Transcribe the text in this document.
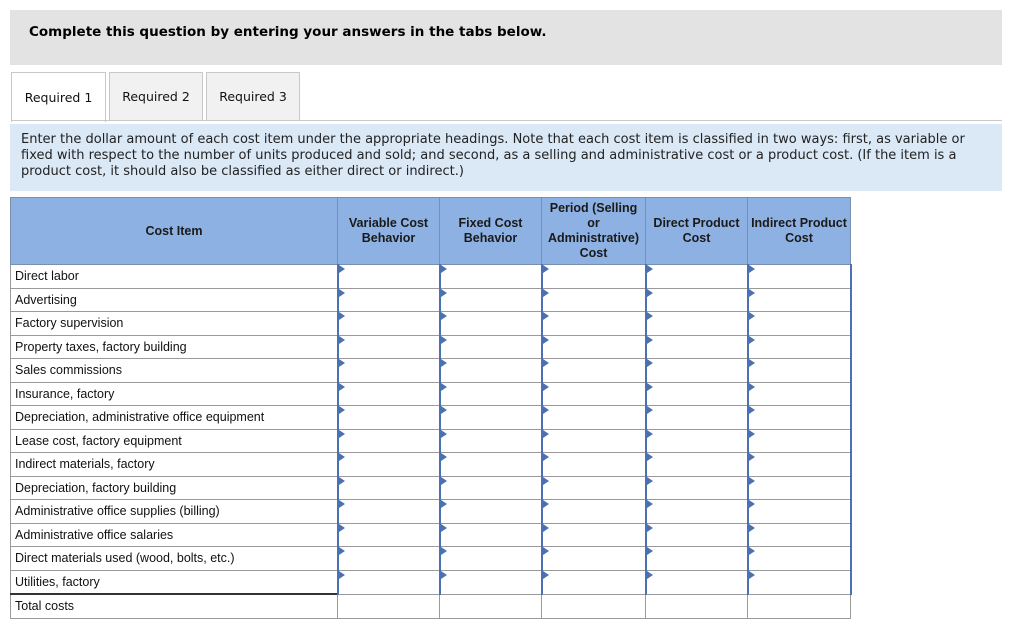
Complete this question by entering your answers in the tabs below.
Required 1	Required 2	Required 3
Enter the dollar amount of each cost item under the appropriate headings. Note that each cost item is classified in two ways: first, as variable or fixed with respect to the number of units produced and sold; and second, as a selling and administrative cost or a product cost. (If the item is a product cost, it should also be classified as either direct or indirect.)
Cost Item	Variable Cost Behavior	Fixed Cost Behavior	Period (Selling or Administrative) Cost	Direct Product Cost	Indirect Product Cost
Direct labor					
Advertising					
Factory supervision					
Property taxes, factory building					
Sales commissions					
Insurance, factory					
Depreciation, administrative office equipment					
Lease cost, factory equipment					
Indirect materials, factory					
Depreciation, factory building					
Administrative office supplies (billing)					
Administrative office salaries					
Direct materials used (wood, bolts, etc.)					
Utilities, factory					
Total costs					
